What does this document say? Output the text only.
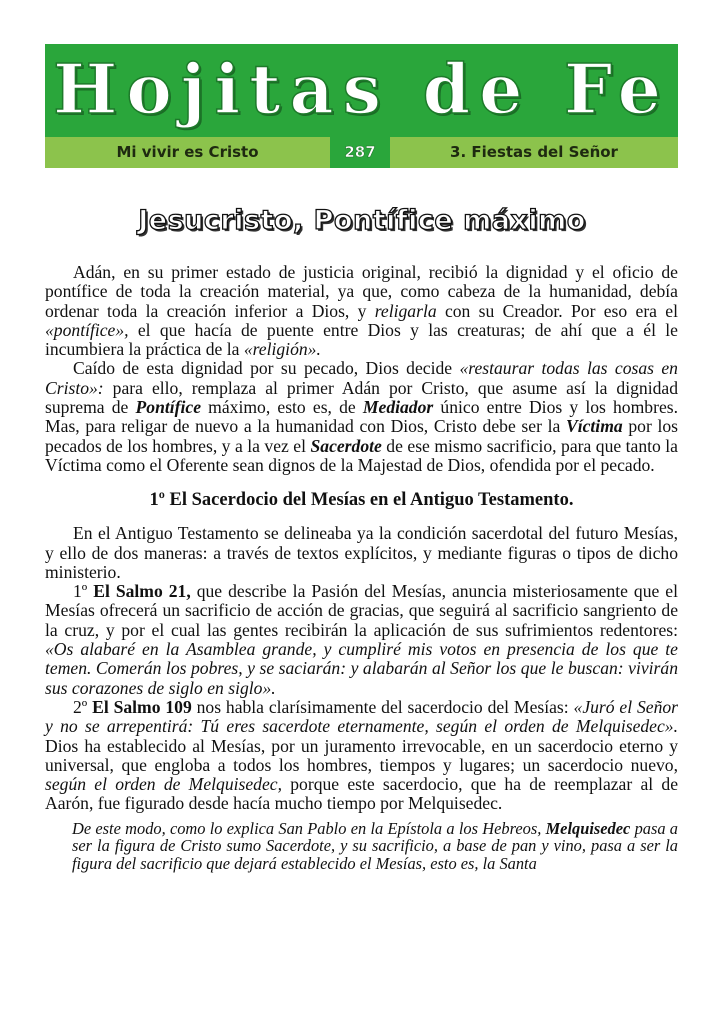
Hojitas de Fe
Mi vivir es Cristo	287	3. Fiestas del Señor
Jesucristo, Pontífice máximo

Adán, en su primer estado de justicia original, recibió la dignidad y el oficio de pontífice de toda la creación material, ya que, como cabeza de la humanidad, debía ordenar toda la creación inferior a Dios, y religarla con su Creador. Por eso era el «pontífice», el que hacía de puente entre Dios y las creaturas; de ahí que a él le incumbiera la práctica de la «religión».

Caído de esta dignidad por su pecado, Dios decide «restaurar todas las cosas en Cristo»: para ello, remplaza al primer Adán por Cristo, que asume así la dignidad suprema de Pontífice máximo, esto es, de Mediador único entre Dios y los hombres. Mas, para religar de nuevo a la humanidad con Dios, Cristo debe ser la Víctima por los pecados de los hombres, y a la vez el Sacerdote de ese mismo sacrificio, para que tanto la Víctima como el Oferente sean dignos de la Majestad de Dios, ofendida por el pecado.

1º El Sacerdocio del Mesías en el Antiguo Testamento.

En el Antiguo Testamento se delineaba ya la condición sacerdotal del futuro Mesías, y ello de dos maneras: a través de textos explícitos, y mediante figuras o tipos de dicho ministerio.

1º El Salmo 21, que describe la Pasión del Mesías, anuncia misteriosamente que el Mesías ofrecerá un sacrificio de acción de gracias, que seguirá al sacrificio sangriento de la cruz, y por el cual las gentes recibirán la aplicación de sus sufrimientos redentores: «Os alabaré en la Asamblea grande, y cumpliré mis votos en presencia de los que te temen. Comerán los pobres, y se saciarán: y alabarán al Señor los que le buscan: vivirán sus corazones de siglo en siglo».

2º El Salmo 109 nos habla clarísimamente del sacerdocio del Mesías: «Juró el Señor y no se arrepentirá: Tú eres sacerdote eternamente, según el orden de Melquisedec». Dios ha establecido al Mesías, por un juramento irrevocable, en un sacerdocio eterno y universal, que engloba a todos los hombres, tiempos y lugares; un sacerdocio nuevo, según el orden de Melquisedec, porque este sacerdocio, que ha de reemplazar al de Aarón, fue figurado desde hacía mucho tiempo por Melquisedec.

De este modo, como lo explica San Pablo en la Epístola a los Hebreos, Melquisedec pasa a ser la figura de Cristo sumo Sacerdote, y su sacrificio, a base de pan y vino, pasa a ser la figura del sacrificio que dejará establecido el Mesías, esto es, la Santa
